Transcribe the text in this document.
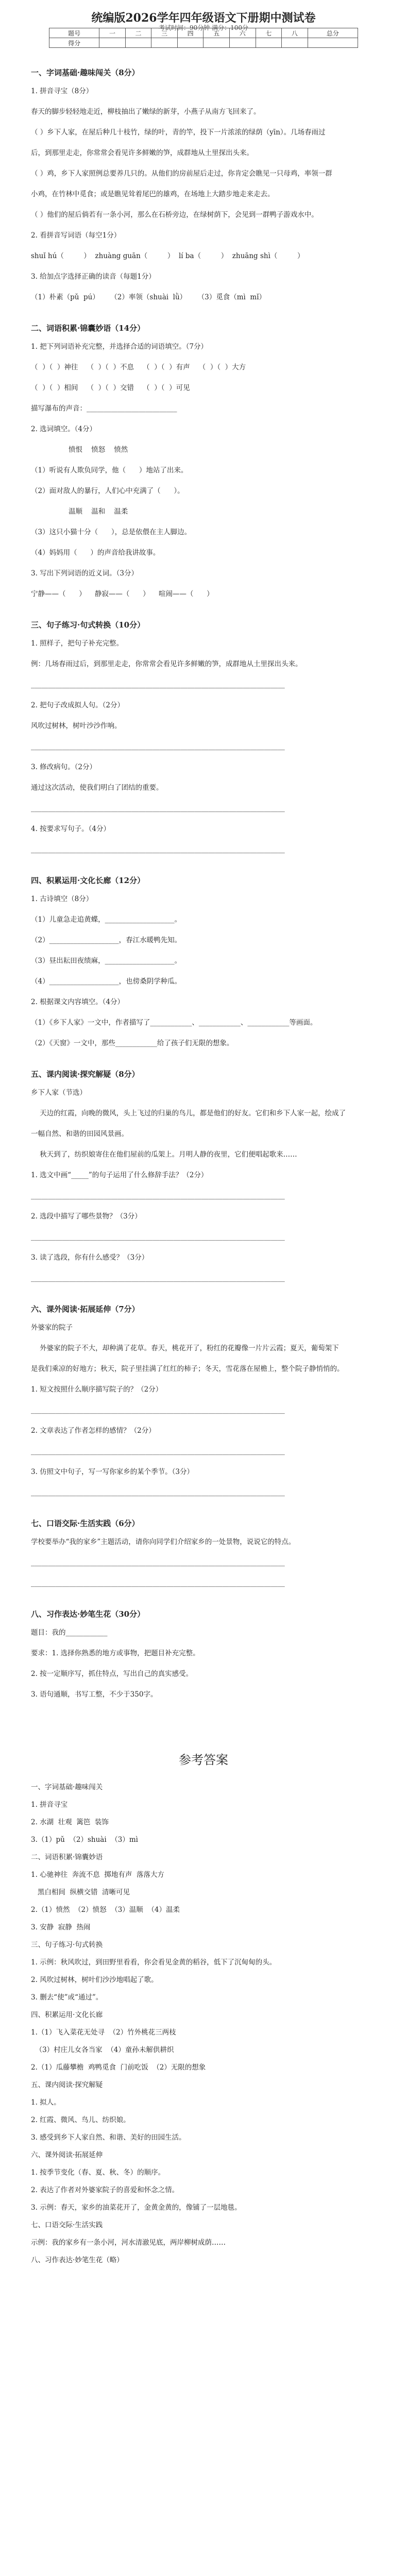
统编版2026学年四年级语文下册期中测试卷
考试时间：90分钟 满分：100分
题号	一	二	三	四	五	六	七	八	总分
得分									
一、字词基础·趣味闯关（8分）
1. 拼音寻宝（8分）
春天的脚步轻轻地走近，柳枝抽出了嫩绿的新芽，小燕子从南方飞回来了。
（ ）乡下人家，在屋后种几十枝竹，绿的叶，青的竿，投下一片浓浓的绿荫（yīn）。几场春雨过
后，到那里走走，你常常会看见许多鲜嫩的笋，成群地从土里探出头来。
（ ）鸡，乡下人家照例总要养几只的。从他们的房前屋后走过，你肯定会瞧见一只母鸡，率领一群
小鸡，在竹林中觅食；或是瞧见耸着尾巴的雄鸡，在场地上大踏步地走来走去。
（ ）他们的屋后倘若有一条小河，那么在石桥旁边，在绿树荫下，会见到一群鸭子游戏水中。
2. 看拼音写词语（每空1分）
shuǐ hú（         ）  zhuàng guān（         ）  lí ba（         ）  zhuāng shì（         ）
3. 给加点字选择正确的读音（每题1分）
（1）朴素（pǔ  pú）     （2）率领（shuài  lǜ）     （3）觅食（mì  mǐ）
二、词语积累·锦囊妙语（14分）
1. 把下列词语补充完整，并选择合适的词语填空。（7分）
（  ）（  ）神往    （  ）（  ）不息    （  ）（  ）有声    （  ）（  ）大方
（  ）（  ）相间    （  ）（  ）交错    （  ）（  ）可见
描写瀑布的声音：__________________________
2. 选词填空。（4分）
愤恨    愤怒    愤然
（1）听说有人欺负同学，他（      ）地站了出来。
（2）面对敌人的暴行，人们心中充满了（      ）。
温顺    温和    温柔
（3）这只小猫十分（      ），总是依偎在主人脚边。
（4）妈妈用（      ）的声音给我讲故事。
3. 写出下列词语的近义词。（3分）
宁静——（      ）    静寂——（      ）    喧闹——（      ）
三、句子练习·句式转换（10分）
1. 照样子，把句子补充完整。
例：几场春雨过后，到那里走走，你常常会看见许多鲜嫩的笋，成群地从土里探出头来。
_________________________________________________________________________
2. 把句子改成拟人句。（2分）
风吹过树林，树叶沙沙作响。
_________________________________________________________________________
3. 修改病句。（2分）
通过这次活动，使我们明白了团结的重要。
_________________________________________________________________________
4. 按要求写句子。（4分）
_________________________________________________________________________
四、积累运用·文化长廊（12分）
1. 古诗填空（8分）
（1）儿童急走追黄蝶，____________________。
（2）____________________，春江水暖鸭先知。
（3）昼出耘田夜绩麻，____________________。
（4）____________________，也傍桑阴学种瓜。
2. 根据课文内容填空。（4分）
（1）《乡下人家》一文中，作者描写了____________、____________、____________等画面。
（2）《天窗》一文中，那些____________给了孩子们无限的想象。
五、课内阅读·探究解疑（8分）
乡下人家（节选）
天边的红霞，向晚的微风，头上飞过的归巢的鸟儿，都是他们的好友。它们和乡下人家一起，绘成了
一幅自然、和谐的田园风景画。
秋天到了，纺织娘寄住在他们屋前的瓜架上。月明人静的夜里，它们便唱起歌来……
1. 选文中画“_____”的句子运用了什么修辞手法？（2分）
_________________________________________________________________________
2. 选段中描写了哪些景物？（3分）
_________________________________________________________________________
3. 读了选段，你有什么感受？（3分）
_________________________________________________________________________
六、课外阅读·拓展延伸（7分）
外婆家的院子
外婆家的院子不大，却种满了花草。春天，桃花开了，粉红的花瓣像一片片云霞；夏天，葡萄架下
是我们乘凉的好地方；秋天，院子里挂满了红红的柿子；冬天，雪花落在屋檐上，整个院子静悄悄的。
1. 短文按照什么顺序描写院子的？（2分）
_________________________________________________________________________
2. 文章表达了作者怎样的感情？（2分）
_________________________________________________________________________
3. 仿照文中句子，写一写你家乡的某个季节。（3分）
_________________________________________________________________________
七、口语交际·生活实践（6分）
学校要举办“我的家乡”主题活动，请你向同学们介绍家乡的一处景物，说说它的特点。
_________________________________________________________________________
_________________________________________________________________________
八、习作表达·妙笔生花（30分）
题目：我的____________
要求：1. 选择你熟悉的地方或事物，把题目补充完整。
2. 按一定顺序写，抓住特点，写出自己的真实感受。
3. 语句通顺，书写工整，不少于350字。
参考答案
一、字词基础·趣味闯关
1. 拼音寻宝
2. 水湖  壮观  篱笆  装饰
3.（1）pǔ  （2）shuài  （3）mì
二、词语积累·锦囊妙语
1. 心驰神往  奔流不息  掷地有声  落落大方
黑白相间  纵横交错  清晰可见
2.（1）愤然  （2）愤怒  （3）温顺  （4）温柔
3. 安静  寂静  热闹
三、句子练习·句式转换
1. 示例：秋风吹过，到田野里看看，你会看见金黄的稻谷，低下了沉甸甸的头。
2. 风吹过树林，树叶们沙沙地唱起了歌。
3. 删去“使”或“通过”。
四、积累运用·文化长廊
1.（1）飞入菜花无处寻  （2）竹外桃花三两枝
（3）村庄儿女各当家  （4）童孙未解供耕织
2.（1）瓜藤攀檐  鸡鸭觅食  门前吃饭  （2）无限的想象
五、课内阅读·探究解疑
1. 拟人。
2. 红霞、微风、鸟儿、纺织娘。
3. 感受到乡下人家自然、和谐、美好的田园生活。
六、课外阅读·拓展延伸
1. 按季节变化（春、夏、秋、冬）的顺序。
2. 表达了作者对外婆家院子的喜爱和怀念之情。
3. 示例：春天，家乡的油菜花开了，金黄金黄的，像铺了一层地毯。
七、口语交际·生活实践
示例：我的家乡有一条小河，河水清澈见底，两岸柳树成荫……
八、习作表达·妙笔生花（略）
